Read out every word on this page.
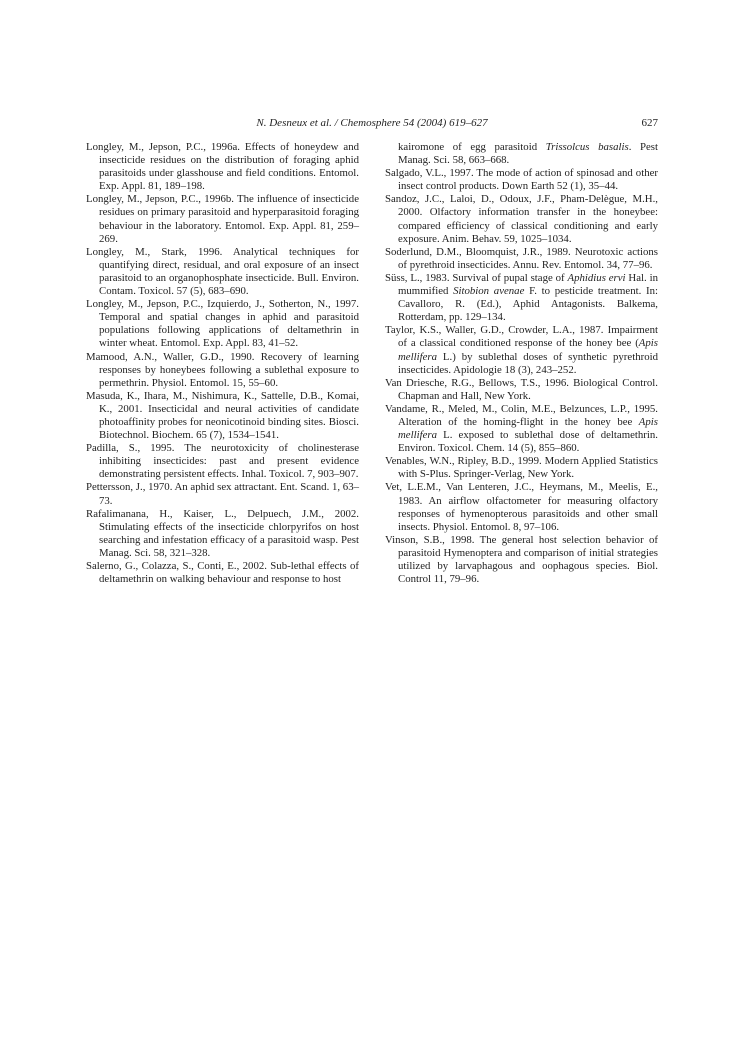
N. Desneux et al. / Chemosphere 54 (2004) 619–627	627
Longley, M., Jepson, P.C., 1996a. Effects of honeydew and insecticide residues on the distribution of foraging aphid parasitoids under glasshouse and field conditions. Entomol. Exp. Appl. 81, 189–198.
Longley, M., Jepson, P.C., 1996b. The influence of insecticide residues on primary parasitoid and hyperparasitoid foraging behaviour in the laboratory. Entomol. Exp. Appl. 81, 259–269.
Longley, M., Stark, 1996. Analytical techniques for quantifying direct, residual, and oral exposure of an insect parasitoid to an organophosphate insecticide. Bull. Environ. Contam. Toxicol. 57 (5), 683–690.
Longley, M., Jepson, P.C., Izquierdo, J., Sotherton, N., 1997. Temporal and spatial changes in aphid and parasitoid populations following applications of deltamethrin in winter wheat. Entomol. Exp. Appl. 83, 41–52.
Mamood, A.N., Waller, G.D., 1990. Recovery of learning responses by honeybees following a sublethal exposure to permethrin. Physiol. Entomol. 15, 55–60.
Masuda, K., Ihara, M., Nishimura, K., Sattelle, D.B., Komai, K., 2001. Insecticidal and neural activities of candidate photoaffinity probes for neonicotinoid binding sites. Biosci. Biotechnol. Biochem. 65 (7), 1534–1541.
Padilla, S., 1995. The neurotoxicity of cholinesterase inhibiting insecticides: past and present evidence demonstrating persistent effects. Inhal. Toxicol. 7, 903–907.
Pettersson, J., 1970. An aphid sex attractant. Ent. Scand. 1, 63–73.
Rafalimanana, H., Kaiser, L., Delpuech, J.M., 2002. Stimulating effects of the insecticide chlorpyrifos on host searching and infestation efficacy of a parasitoid wasp. Pest Manag. Sci. 58, 321–328.
Salerno, G., Colazza, S., Conti, E., 2002. Sub-lethal effects of deltamethrin on walking behaviour and response to host
kairomone of egg parasitoid Trissolcus basalis. Pest Manag. Sci. 58, 663–668.
Salgado, V.L., 1997. The mode of action of spinosad and other insect control products. Down Earth 52 (1), 35–44.
Sandoz, J.C., Laloi, D., Odoux, J.F., Pham-Delègue, M.H., 2000. Olfactory information transfer in the honeybee: compared efficiency of classical conditioning and early exposure. Anim. Behav. 59, 1025–1034.
Soderlund, D.M., Bloomquist, J.R., 1989. Neurotoxic actions of pyrethroid insecticides. Annu. Rev. Entomol. 34, 77–96.
Süss, L., 1983. Survival of pupal stage of Aphidius ervi Hal. in mummified Sitobion avenae F. to pesticide treatment. In: Cavalloro, R. (Ed.), Aphid Antagonists. Balkema, Rotterdam, pp. 129–134.
Taylor, K.S., Waller, G.D., Crowder, L.A., 1987. Impairment of a classical conditioned response of the honey bee (Apis mellifera L.) by sublethal doses of synthetic pyrethroid insecticides. Apidologie 18 (3), 243–252.
Van Driesche, R.G., Bellows, T.S., 1996. Biological Control. Chapman and Hall, New York.
Vandame, R., Meled, M., Colin, M.E., Belzunces, L.P., 1995. Alteration of the homing-flight in the honey bee Apis mellifera L. exposed to sublethal dose of deltamethrin. Environ. Toxicol. Chem. 14 (5), 855–860.
Venables, W.N., Ripley, B.D., 1999. Modern Applied Statistics with S-Plus. Springer-Verlag, New York.
Vet, L.E.M., Van Lenteren, J.C., Heymans, M., Meelis, E., 1983. An airflow olfactometer for measuring olfactory responses of hymenopterous parasitoids and other small insects. Physiol. Entomol. 8, 97–106.
Vinson, S.B., 1998. The general host selection behavior of parasitoid Hymenoptera and comparison of initial strategies utilized by larvaphagous and oophagous species. Biol. Control 11, 79–96.
